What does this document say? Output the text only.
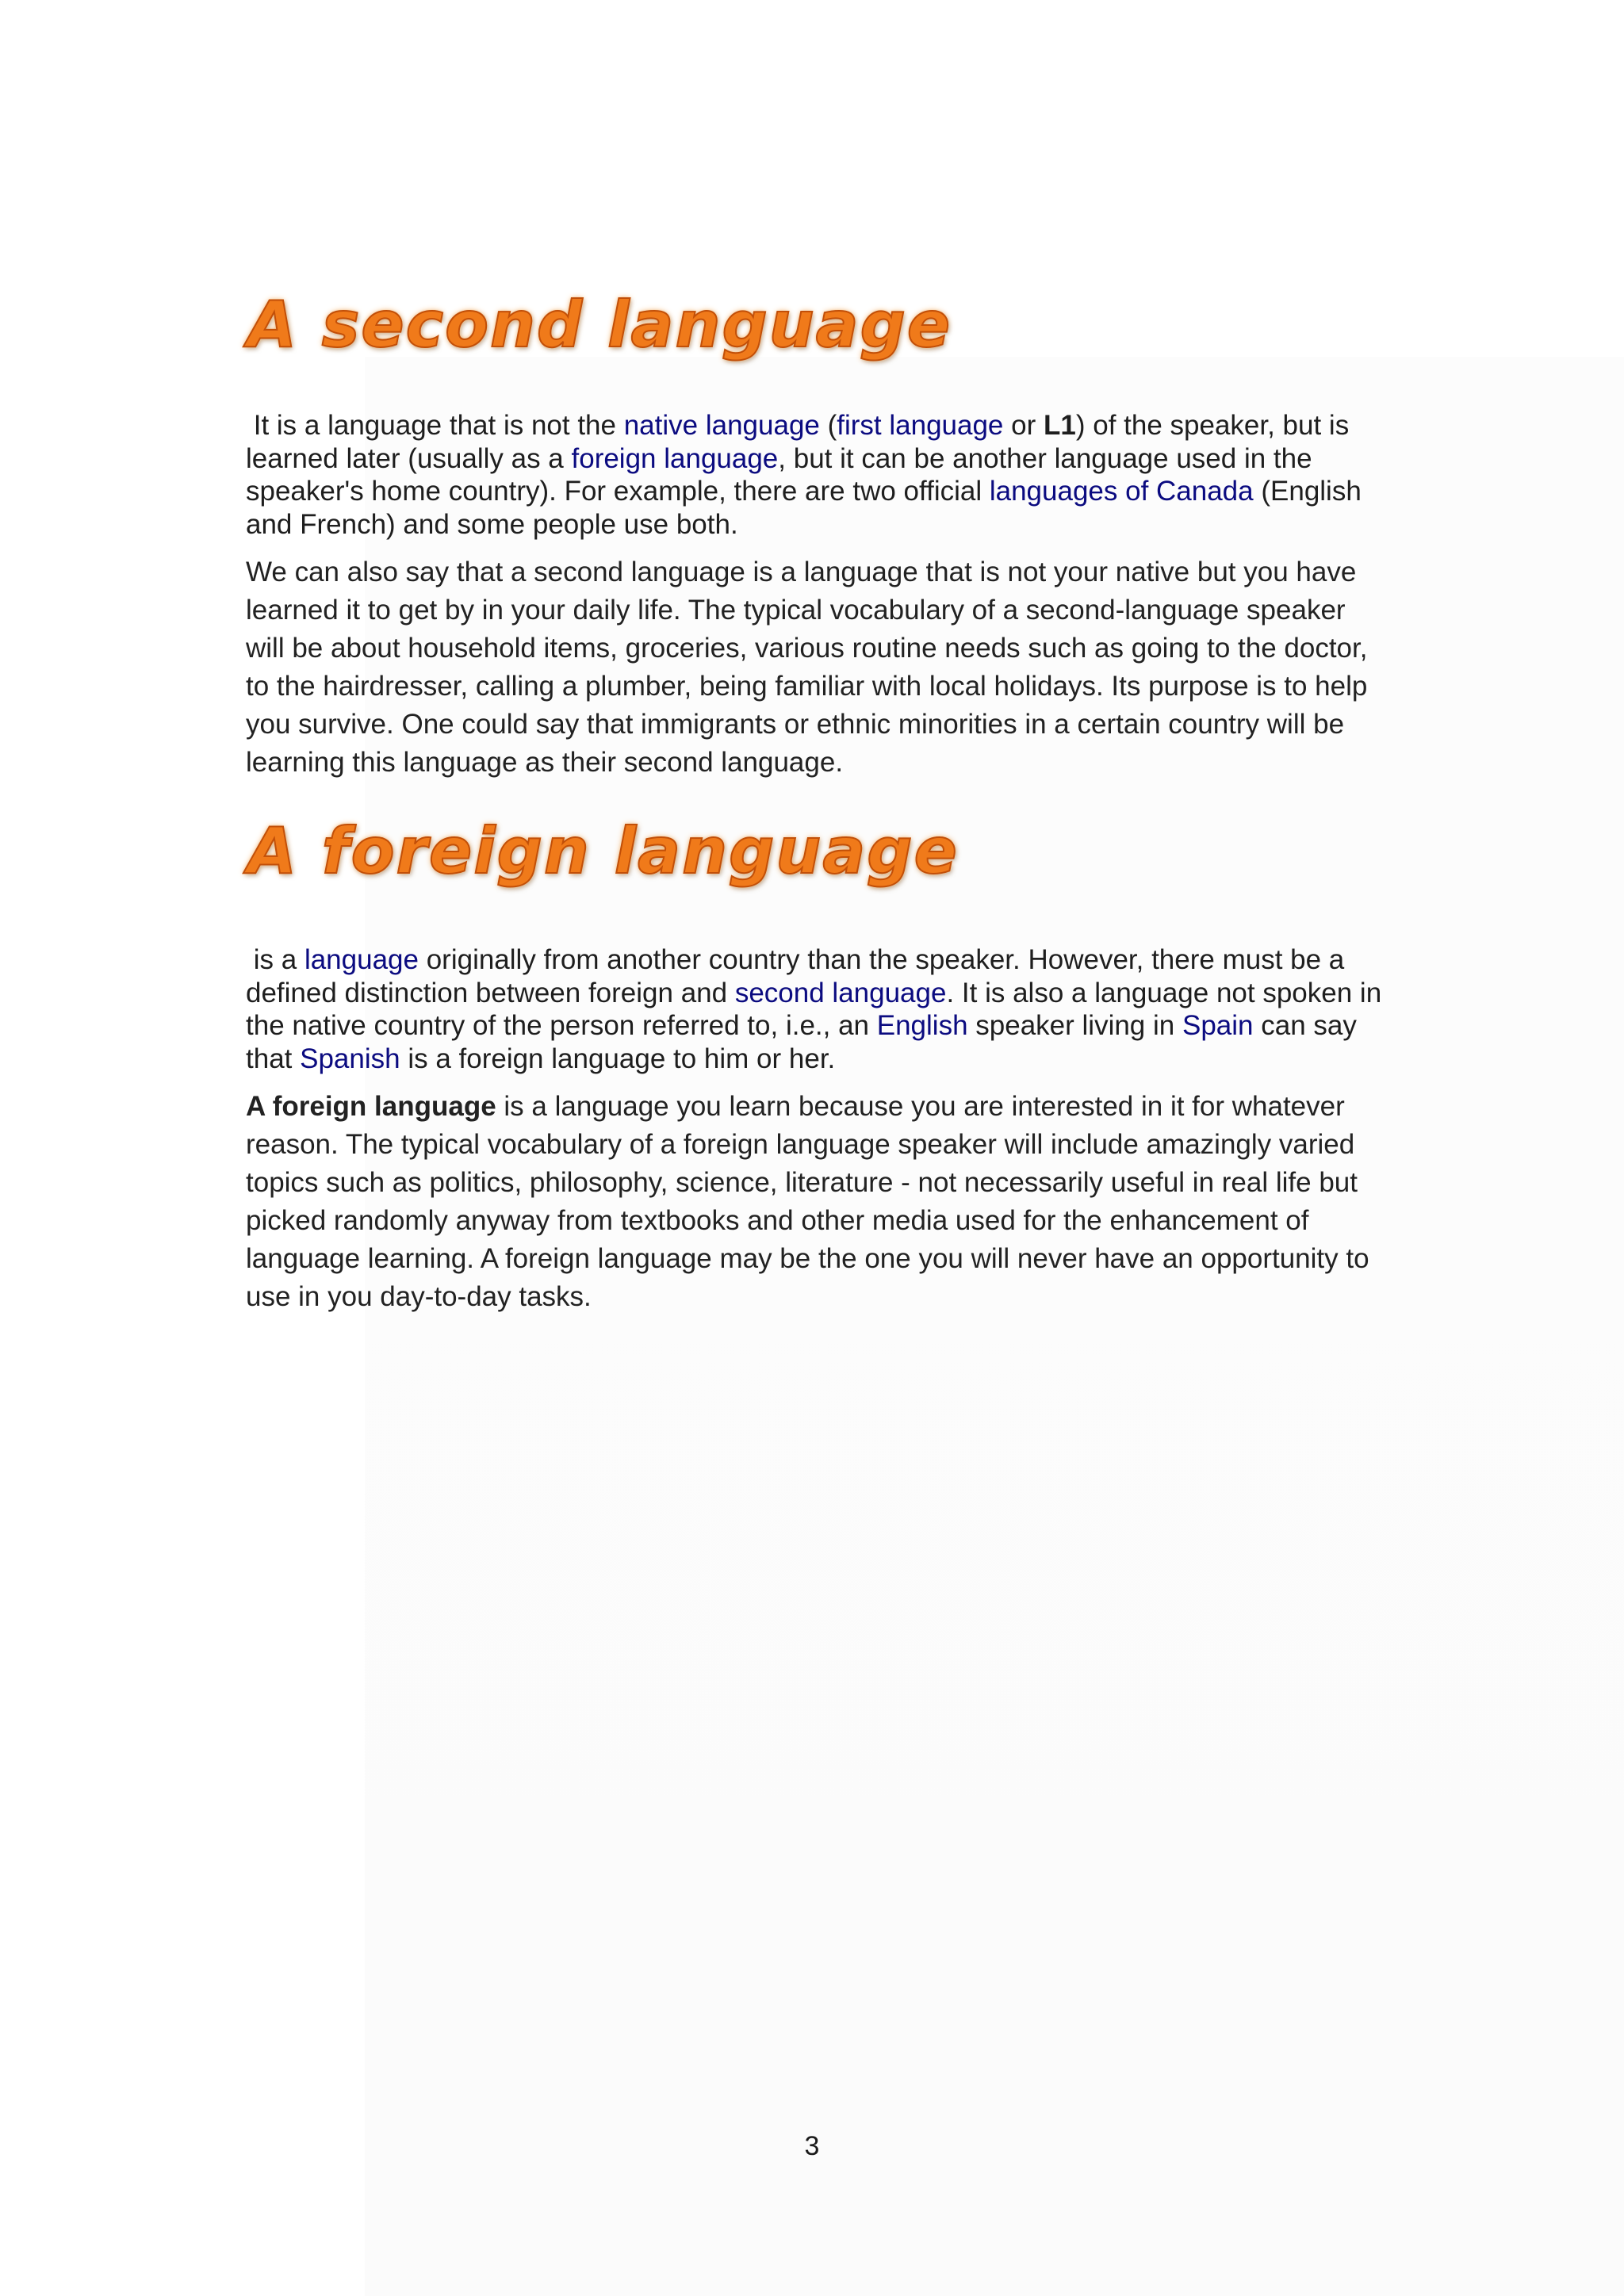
A second language

It is a language that is not the native language (first language or L1) of the speaker, but is learned later (usually as a foreign language, but it can be another language used in the speaker's home country). For example, there are two official languages of Canada (English and French) and some people use both.

We can also say that a second language is a language that is not your native but you have learned it to get by in your daily life. The typical vocabulary of a second-language speaker will be about household items, groceries, various routine needs such as going to the doctor, to the hairdresser, calling a plumber, being familiar with local holidays. Its purpose is to help you survive. One could say that immigrants or ethnic minorities in a certain country will be learning this language as their second language.

A foreign language

is a language originally from another country than the speaker. However, there must be a defined distinction between foreign and second language. It is also a language not spoken in the native country of the person referred to, i.e., an English speaker living in Spain can say that Spanish is a foreign language to him or her.

A foreign language is a language you learn because you are interested in it for whatever reason. The typical vocabulary of a foreign language speaker will include amazingly varied topics such as politics, philosophy, science, literature - not necessarily useful in real life but picked randomly anyway from textbooks and other media used for the enhancement of language learning. A foreign language may be the one you will never have an opportunity to use in you day-to-day tasks.

3
